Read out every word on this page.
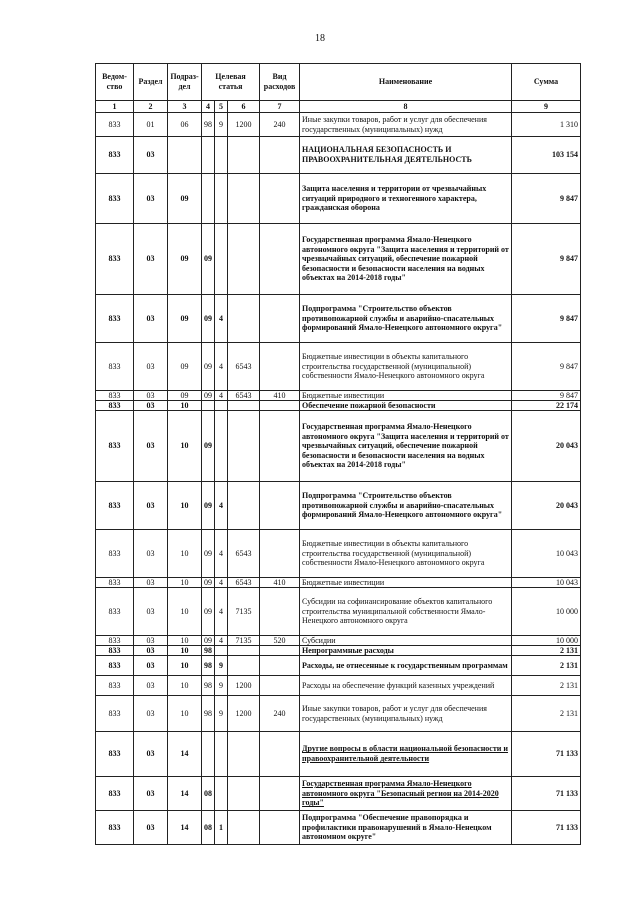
18
Ведом-ство	Раздел	Подраз-дел	Целевая статья			Вид расходов	Наименование	Сумма
1	2	3	4	5	6	7	8	9
833	01	06	98	9	1200	240	Иные закупки товаров, работ и услуг для обеспечения государственных (муниципальных) нужд	1 310
833	03						НАЦИОНАЛЬНАЯ БЕЗОПАСНОСТЬ И ПРАВООХРАНИТЕЛЬНАЯ ДЕЯТЕЛЬНОСТЬ	103 154
833	03	09					Защита населения и территории от чрезвычайных ситуаций природного и техногенного характера, гражданская оборона	9 847
833	03	09	09				Государственная программа Ямало-Ненецкого автономного округа "Защита населения и территорий от чрезвычайных ситуаций, обеспечение пожарной безопасности и безопасности населения на водных объектах на 2014-2018 годы"	9 847
833	03	09	09	4			Подпрограмма "Строительство объектов противопожарной службы и аварийно-спасательных формирований Ямало-Ненецкого автономного округа"	9 847
833	03	09	09	4	6543		Бюджетные инвестиции в объекты капитального строительства государственной (муниципальной) собственности Ямало-Ненецкого автономного округа	9 847
833	03	09	09	4	6543	410	Бюджетные инвестиции	9 847
833	03	10					Обеспечение пожарной безопасности	22 174
833	03	10	09				Государственная программа Ямало-Ненецкого автономного округа "Защита населения и территорий от чрезвычайных ситуаций, обеспечение пожарной безопасности и безопасности населения на водных объектах на 2014-2018 годы"	20 043
833	03	10	09	4			Подпрограмма "Строительство объектов противопожарной службы и аварийно-спасательных формирований Ямало-Ненецкого автономного округа"	20 043
833	03	10	09	4	6543		Бюджетные инвестиции в объекты капитального строительства государственной (муниципальной) собственности Ямало-Ненецкого автономного округа	10 043
833	03	10	09	4	6543	410	Бюджетные инвестиции	10 043
833	03	10	09	4	7135		Субсидии на софинансирование объектов капитального строительства муниципальной собственности Ямало-Ненецкого автономного округа	10 000
833	03	10	09	4	7135	520	Субсидии	10 000
833	03	10	98				Непрограммные расходы	2 131
833	03	10	98	9			Расходы, не отнесенные к государственным программам	2 131
833	03	10	98	9	1200		Расходы на обеспечение функций казенных учреждений	2 131
833	03	10	98	9	1200	240	Иные закупки товаров, работ и услуг для обеспечения государственных (муниципальных) нужд	2 131
833	03	14					Другие вопросы в области национальной безопасности и правоохранительной деятельности	71 133
833	03	14	08				Государственная программа Ямало-Ненецкого автономного округа "Безопасный регион на 2014-2020 годы"	71 133
833	03	14	08	1			Подпрограмма "Обеспечение правопорядка и профилактики правонарушений в Ямало-Ненецком автономном округе"	71 133
